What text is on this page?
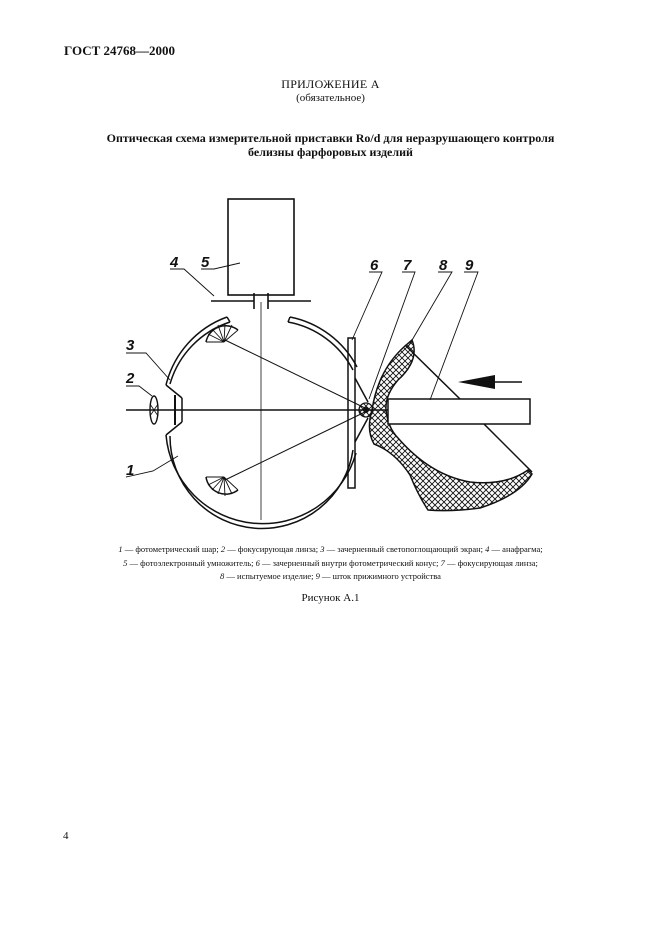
ГОСТ 24768—2000
ПРИЛОЖЕНИЕ А
(обязательное)
Оптическая схема измерительной приставки Ro/d для неразрушающего контроля
белизны фарфоровых изделий
1
2
3
4 5	6 7 8 9
1 — фотометрический шар; 2 — фокусирующая линза; 3 — зачерненный светопоглощающий экран; 4 — анафрагма;
5 — фотоэлектронный умножитель; 6 — зачерненный внутри фотометрический конус; 7 — фокусирующая линза;
8 — испытуемое изделие; 9 — шток прижимного устройства
Рисунок А.1
4
